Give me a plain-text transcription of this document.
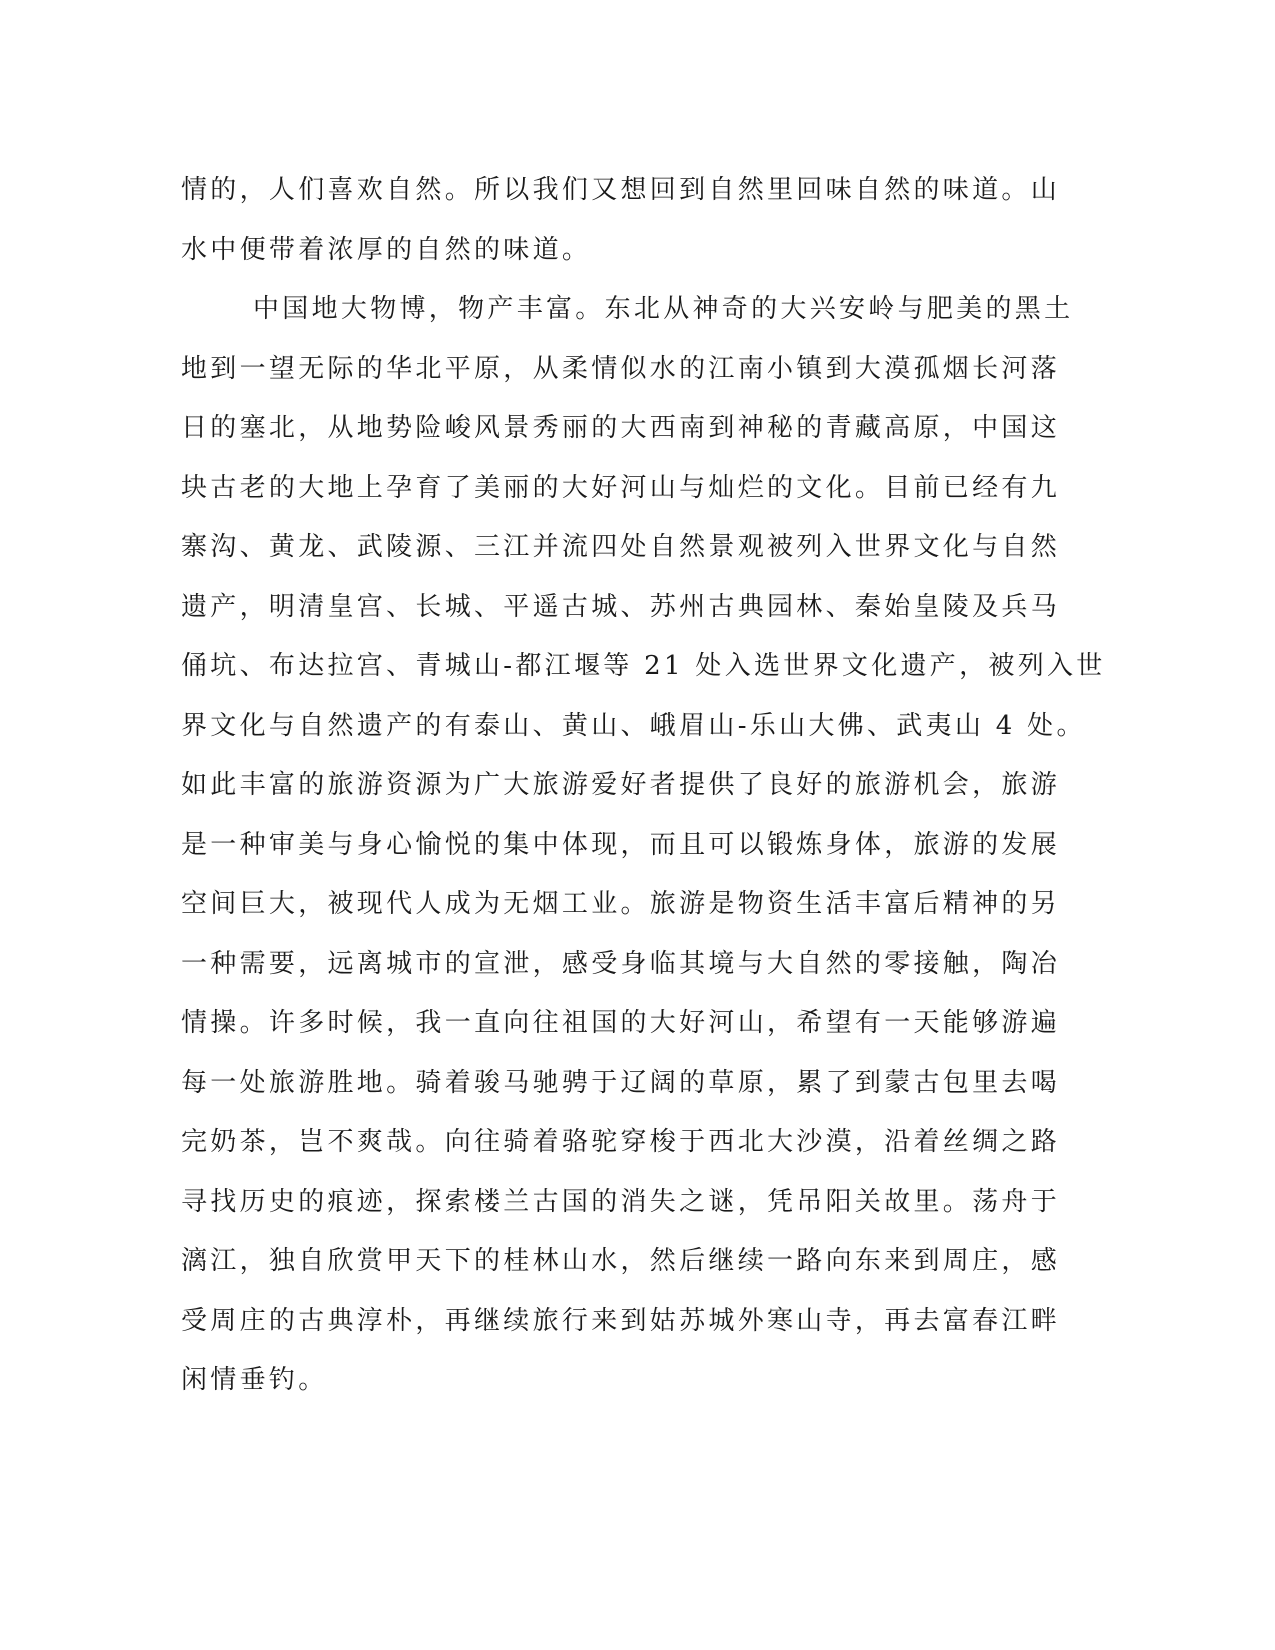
情的，人们喜欢自然。所以我们又想回到自然里回味自然的味道。山
水中便带着浓厚的自然的味道。
中国地大物博，物产丰富。东北从神奇的大兴安岭与肥美的黑土
地到一望无际的华北平原，从柔情似水的江南小镇到大漠孤烟长河落
日的塞北，从地势险峻风景秀丽的大西南到神秘的青藏高原，中国这
块古老的大地上孕育了美丽的大好河山与灿烂的文化。目前已经有九
寨沟、黄龙、武陵源、三江并流四处自然景观被列入世界文化与自然
遗产，明清皇宫、长城、平遥古城、苏州古典园林、秦始皇陵及兵马
俑坑、布达拉宫、青城山-都江堰等 21 处入选世界文化遗产，被列入世
界文化与自然遗产的有泰山、黄山、峨眉山-乐山大佛、武夷山 4 处。
如此丰富的旅游资源为广大旅游爱好者提供了良好的旅游机会，旅游
是一种审美与身心愉悦的集中体现，而且可以锻炼身体，旅游的发展
空间巨大，被现代人成为无烟工业。旅游是物资生活丰富后精神的另
一种需要，远离城市的宣泄，感受身临其境与大自然的零接触，陶冶
情操。许多时候，我一直向往祖国的大好河山，希望有一天能够游遍
每一处旅游胜地。骑着骏马驰骋于辽阔的草原，累了到蒙古包里去喝
完奶茶，岂不爽哉。向往骑着骆驼穿梭于西北大沙漠，沿着丝绸之路
寻找历史的痕迹，探索楼兰古国的消失之谜，凭吊阳关故里。荡舟于
漓江，独自欣赏甲天下的桂林山水，然后继续一路向东来到周庄，感
受周庄的古典淳朴，再继续旅行来到姑苏城外寒山寺，再去富春江畔
闲情垂钓。
